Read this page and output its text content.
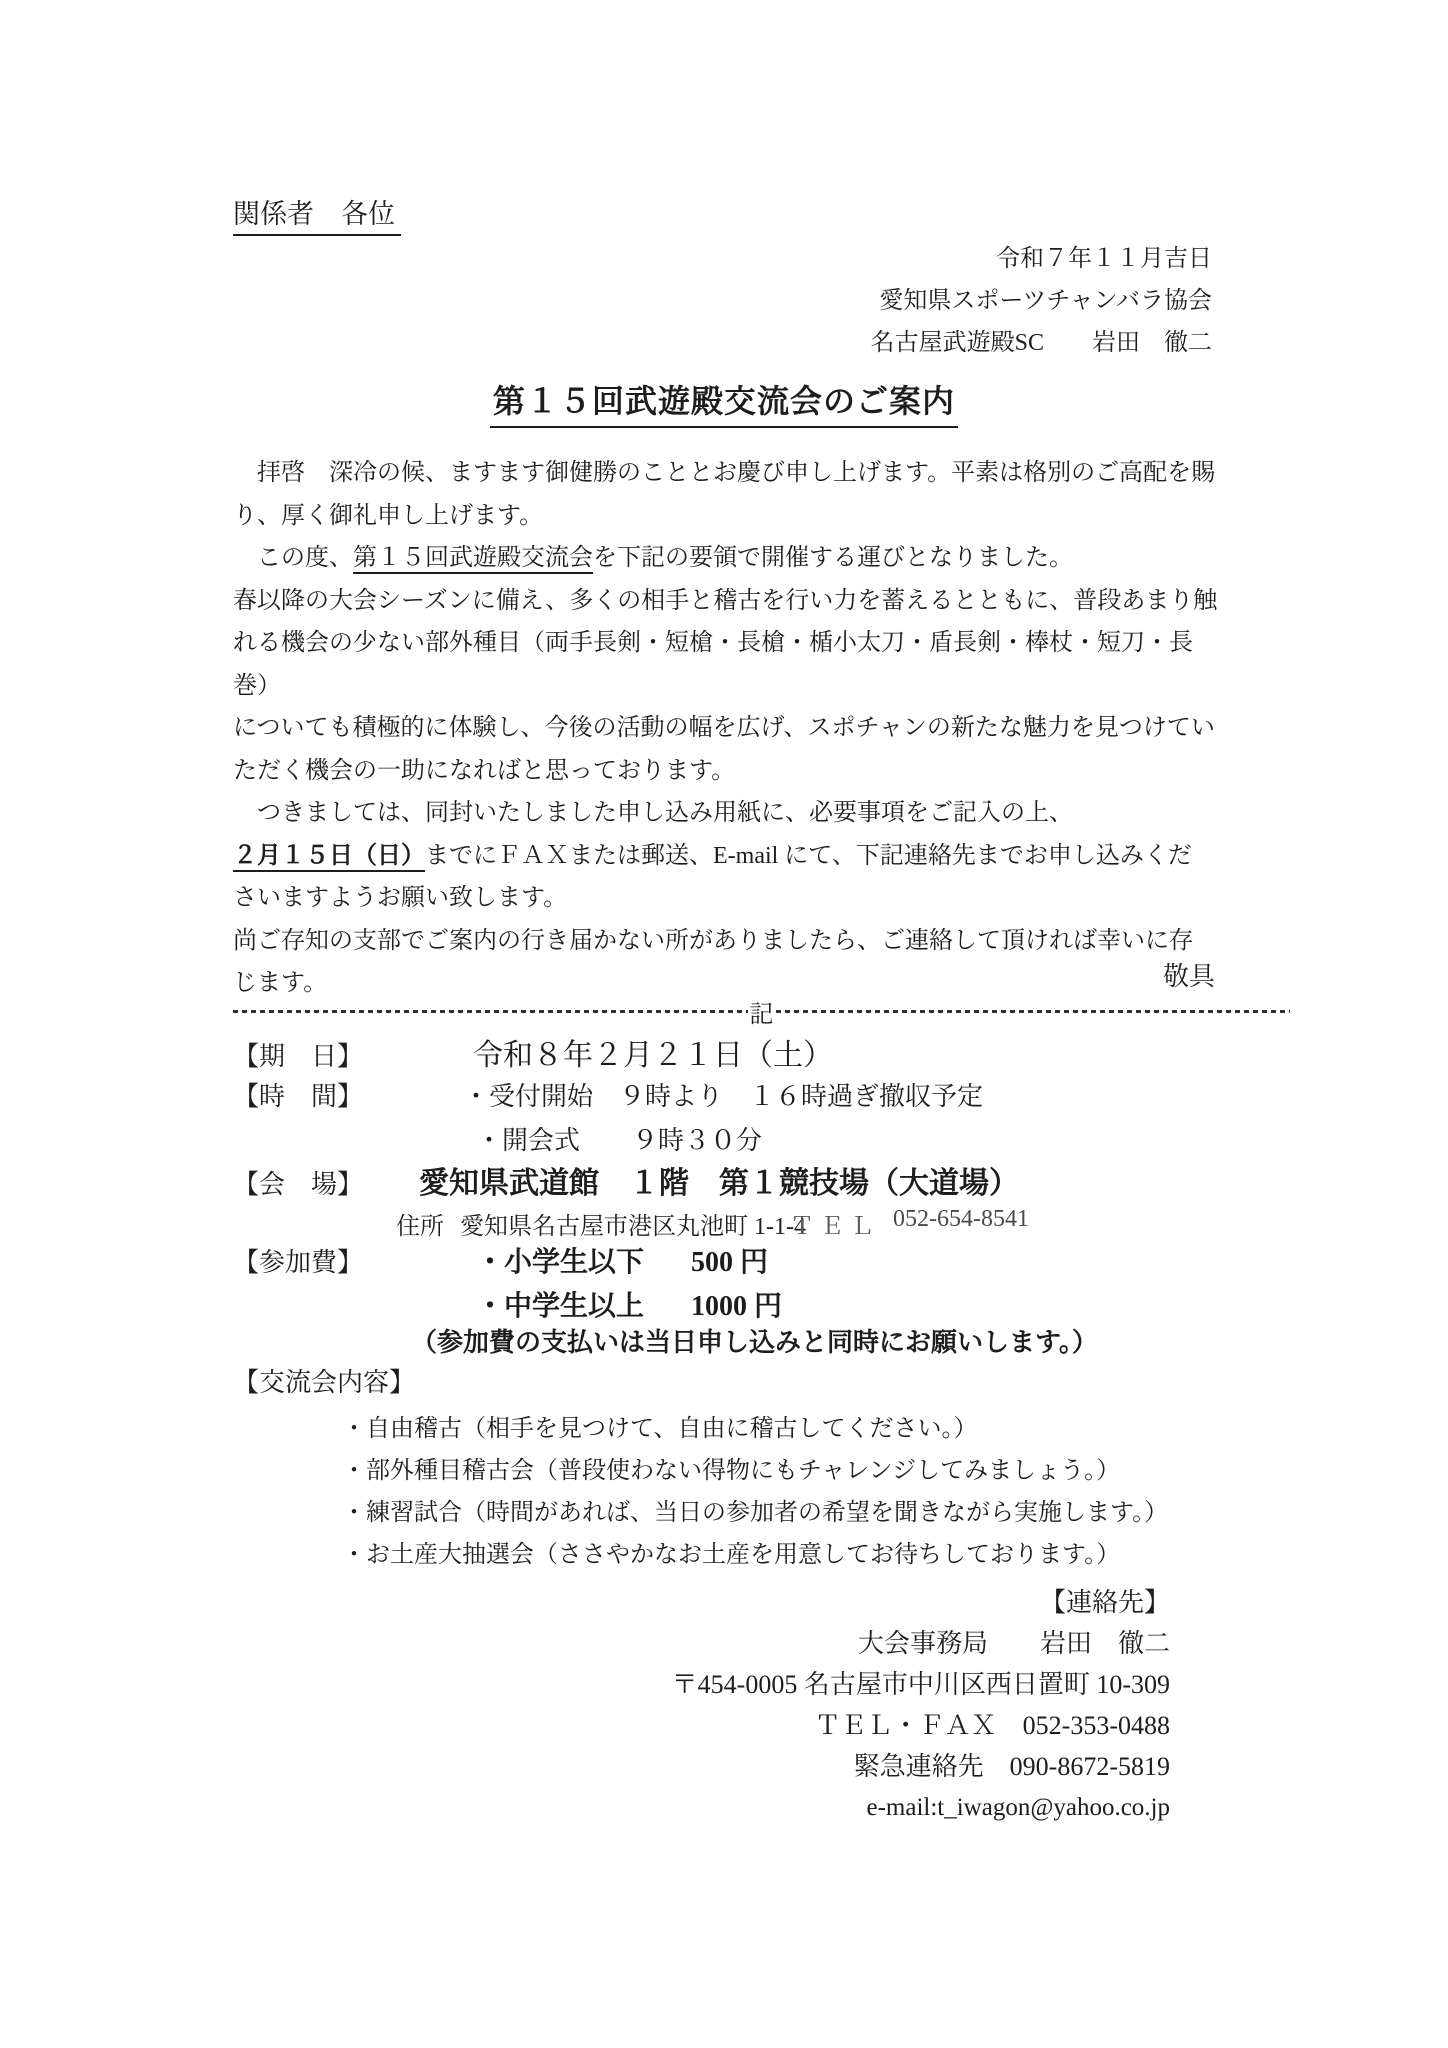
関係者　各位
令和７年１１月吉日
愛知県スポーツチャンバラ協会
名古屋武遊殿SC　　岩田　徹二
第１５回武遊殿交流会のご案内
　拝啓　深冷の候、ますます御健勝のこととお慶び申し上げます。平素は格別のご高配を賜
り、厚く御礼申し上げます。
　この度、第１５回武遊殿交流会を下記の要領で開催する運びとなりました。
春以降の大会シーズンに備え、多くの相手と稽古を行い力を蓄えるとともに、普段あまり触
れる機会の少ない部外種目（両手長剣・短槍・長槍・楯小太刀・盾長剣・棒杖・短刀・長巻）
についても積極的に体験し、今後の活動の幅を広げ、スポチャンの新たな魅力を見つけてい
ただく機会の一助になればと思っております。
　つきましては、同封いたしました申し込み用紙に、必要事項をご記入の上、
２月１５日（日）までにＦＡＸまたは郵送、E-mail にて、下記連絡先までお申し込みくだ
さいますようお願い致します。
尚ご存知の支部でご案内の行き届かない所がありましたら、ご連絡して頂ければ幸いに存
じます。	敬具
記
【期　日】	令和８年２月２１日（土）
【時　間】	・受付開始　９時より　１６時過ぎ撤収予定
・開会式　　９時３０分
【会　場】 愛知県武道館　１階　第１競技場（大道場）
住所 愛知県名古屋市港区丸池町 1-1-4
ＴＥＬ 052-654-8541
【参加費】	・小学生以下 500 円
・中学生以上 1000 円
（参加費の支払いは当日申し込みと同時にお願いします。）
【交流会内容】
・自由稽古（相手を見つけて、自由に稽古してください。）
・部外種目稽古会（普段使わない得物にもチャレンジしてみましょう。）
・練習試合（時間があれば、当日の参加者の希望を聞きながら実施します。）
・お土産大抽選会（ささやかなお土産を用意してお待ちしております。）
【連絡先】
大会事務局　　岩田　徹二
〒454-0005 名古屋市中川区西日置町 10-309
ＴＥＬ・ＦＡＸ　052-353-0488
緊急連絡先　090-8672-5819
e-mail:t_iwagon@yahoo.co.jp
